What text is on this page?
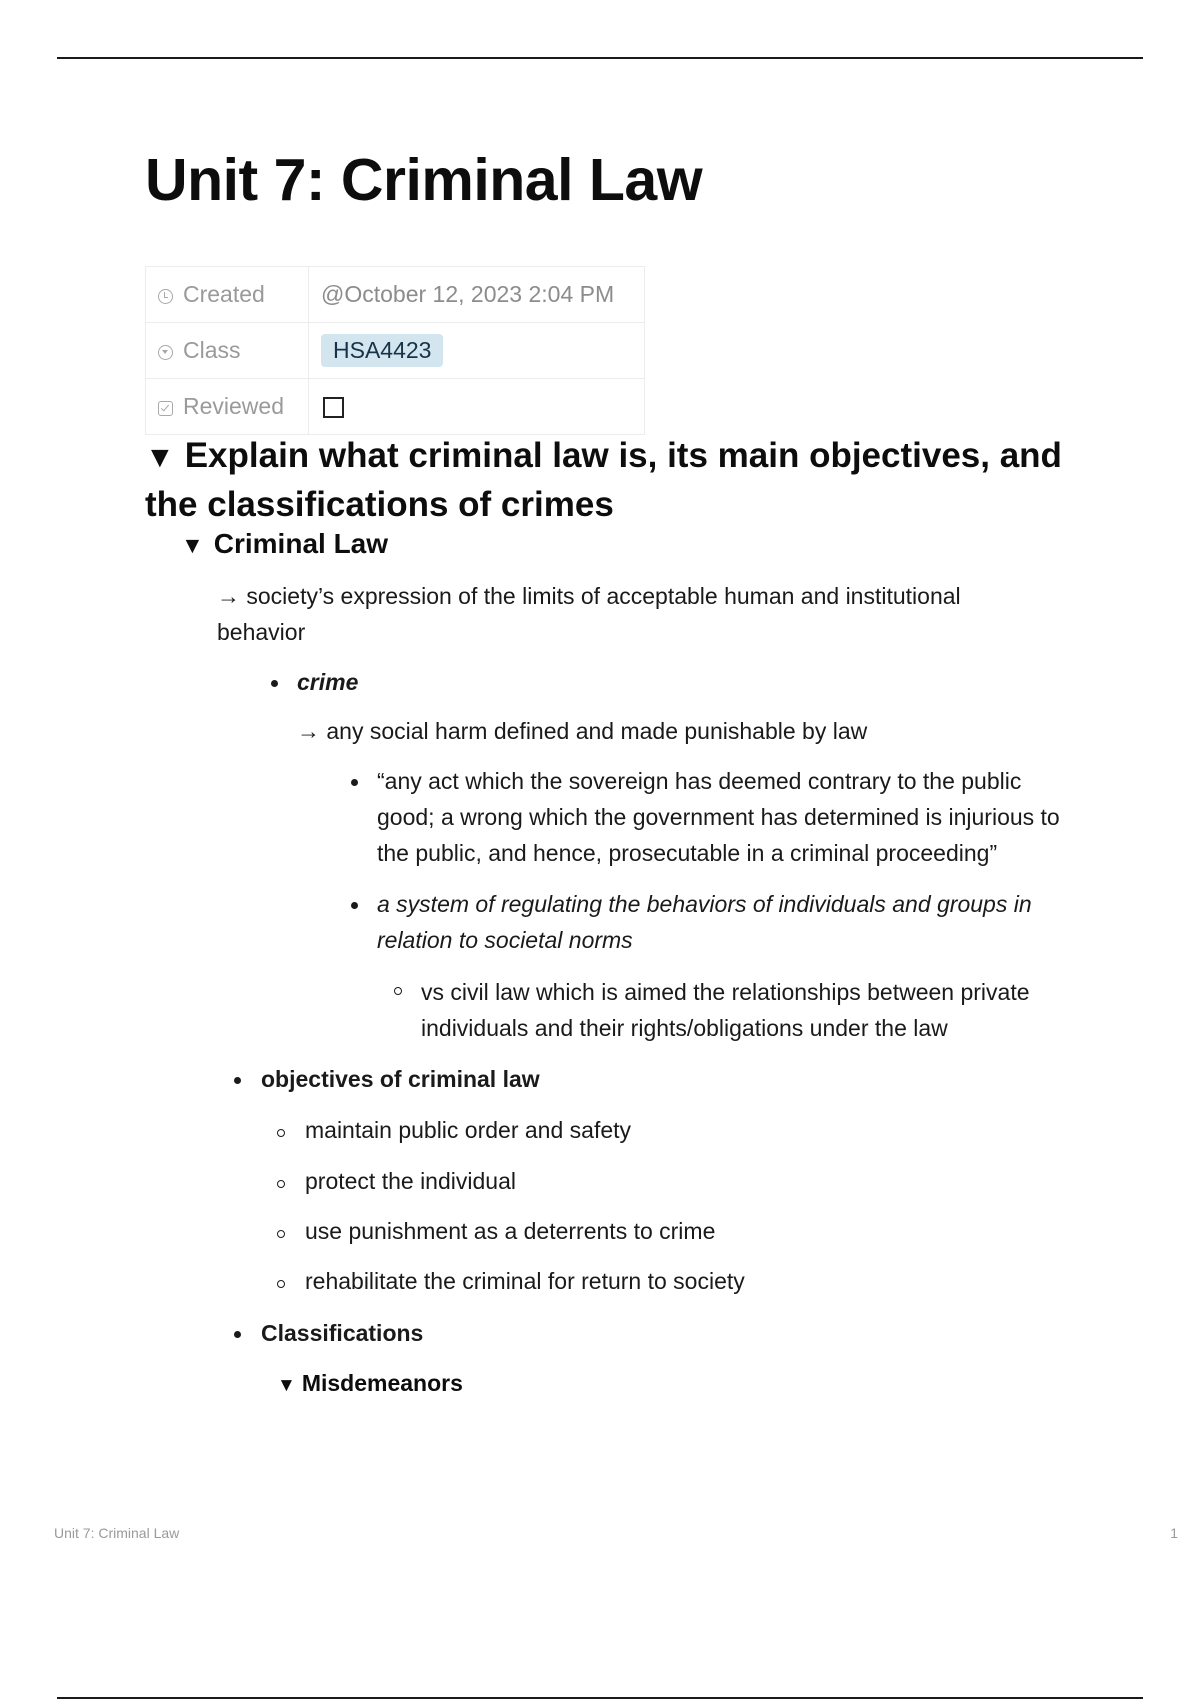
Unit 7: Criminal Law
Created	@October 12, 2023 2:04 PM
Class	HSA4423
Reviewed	
▼ Explain what criminal law is, its main objectives, and the classifications of crimes
▼ Criminal Law

→ society’s expression of the limits of acceptable human and institutional behavior

crime

→ any social harm defined and made punishable by law

“any act which the sovereign has deemed contrary to the public good; a wrong which the government has determined is injurious to the public, and hence, prosecutable in a criminal proceeding”

a system of regulating the behaviors of individuals and groups in relation to societal norms

vs civil law which is aimed the relationships between private individuals and their rights/obligations under the law

objectives of criminal law

maintain public order and safety

protect the individual

use punishment as a deterrents to crime

rehabilitate the criminal for return to society

Classifications

▼ Misdemeanors
Unit 7: Criminal Law	1
